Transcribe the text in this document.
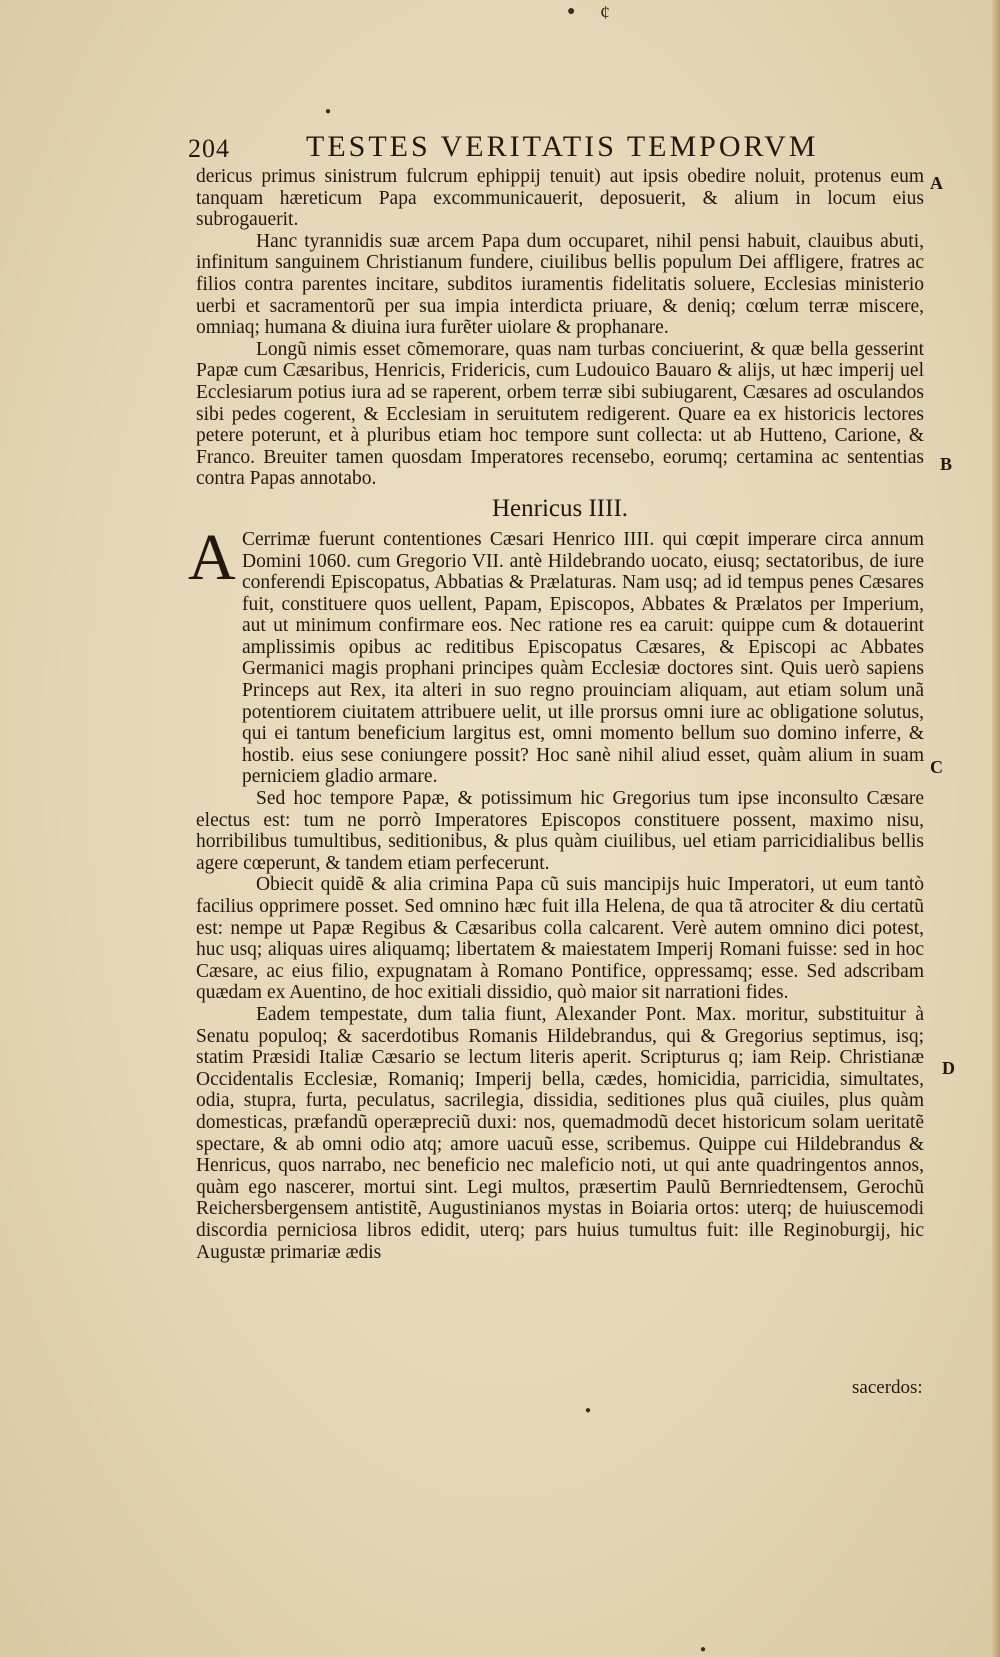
● ¢
●
204	TESTES VERITATIS TEMPORVM

dericus primus sinistrum fulcrum ephippij tenuit) aut ipsis obedire noluit, protenus eum tanquam hæreticum Papa excommunicauerit, deposuerit, & alium in locum eius subrogauerit.

Hanc tyrannidis suæ arcem Papa dum occuparet, nihil pensi habuit, clauibus abuti, infinitum sanguinem Christianum fundere, ciuilibus bellis populum Dei affligere, fratres ac filios contra parentes incitare, subditos iuramentis fidelitatis soluere, Ecclesias ministerio uerbi et sacramentorũ per sua impia interdicta priuare, & deniq; cœlum terræ miscere, omniaq; humana & diuina iura furẽter uiolare & prophanare.

Longũ nimis esset cõmemorare, quas nam turbas conciuerint, & quæ bella gesserint Papæ cum Cæsaribus, Henricis, Fridericis, cum Ludouico Bauaro & alijs, ut hæc imperij uel Ecclesiarum potius iura ad se raperent, orbem terræ sibi subiugarent, Cæsares ad osculandos sibi pedes cogerent, & Ecclesiam in seruitutem redigerent. Quare ea ex historicis lectores petere poterunt, et à pluribus etiam hoc tempore sunt collecta: ut ab Hutteno, Carione, & Franco. Breuiter tamen quosdam Imperatores recensebo, eorumq; certamina ac sententias contra Papas annotabo.

Henricus IIII.

A Cerrimæ fuerunt contentiones Cæsari Henrico IIII. qui cœpit imperare circa annum Domini 1060. cum Gregorio VII. antè Hildebrando uocato, eiusq; sectatoribus, de iure conferendi Episcopatus, Abbatias & Prælaturas. Nam usq; ad id tempus penes Cæsares fuit, constituere quos uellent, Papam, Episcopos, Abbates & Prælatos per Imperium, aut ut minimum confirmare eos. Nec ratione res ea caruit: quippe cum & dotauerint amplissimis opibus ac reditibus Episcopatus Cæsares, & Episcopi ac Abbates Germanici magis prophani principes quàm Ecclesiæ doctores sint. Quis uerò sapiens Princeps aut Rex, ita alteri in suo regno prouinciam aliquam, aut etiam solum unã potentiorem ciuitatem attribuere uelit, ut ille prorsus omni iure ac obligatione solutus, qui ei tantum beneficium largitus est, omni momento bellum suo domino inferre, & hostib. eius sese coniungere possit? Hoc sanè nihil aliud esset, quàm alium in suam perniciem gladio armare.

Sed hoc tempore Papæ, & potissimum hic Gregorius tum ipse inconsulto Cæsare electus est: tum ne porrò Imperatores Episcopos constituere possent, maximo nisu, horribilibus tumultibus, seditionibus, & plus quàm ciuilibus, uel etiam parricidialibus bellis agere cœperunt, & tandem etiam perfecerunt.

Obiecit quidẽ & alia crimina Papa cũ suis mancipijs huic Imperatori, ut eum tantò facilius opprimere posset. Sed omnino hæc fuit illa Helena, de qua tã atrociter & diu certatũ est: nempe ut Papæ Regibus & Cæsaribus colla calcarent. Verè autem omnino dici potest, huc usq; aliquas uires aliquamq; libertatem & maiestatem Imperij Romani fuisse: sed in hoc Cæsare, ac eius filio, expugnatam à Romano Pontifice, oppressamq; esse. Sed adscribam quædam ex Auentino, de hoc exitiali dissidio, quò maior sit narrationi fides.

Eadem tempestate, dum talia fiunt, Alexander Pont. Max. moritur, substituitur à Senatu populoq; & sacerdotibus Romanis Hildebrandus, qui & Gregorius septimus, isq; statim Præsidi Italiæ Cæsario se lectum literis aperit. Scripturus q; iam Reip. Christianæ Occidentalis Ecclesiæ, Romaniq; Imperij bella, cædes, homicidia, parricidia, simultates, odia, stupra, furta, peculatus, sacrilegia, dissidia, seditiones plus quã ciuiles, plus quàm domesticas, præfandũ operæpreciũ duxi: nos, quemadmodũ decet historicum solam ueritatẽ spectare, & ab omni odio atq; amore uacuũ esse, scribemus. Quippe cui Hildebrandus & Henricus, quos narrabo, nec beneficio nec maleficio noti, ut qui ante quadringentos annos, quàm ego nascerer, mortui sint. Legi multos, præsertim Paulũ Bernriedtensem, Gerochũ Reichersbergensem antistitẽ, Augustinianos mystas in Boiaria ortos: uterq; de huiuscemodi discordia perniciosa libros edidit, uterq; pars huius tumultus fuit: ille Reginoburgij, hic Augustæ primariæ ædis

A
B
C
D
sacerdos:
●
●
